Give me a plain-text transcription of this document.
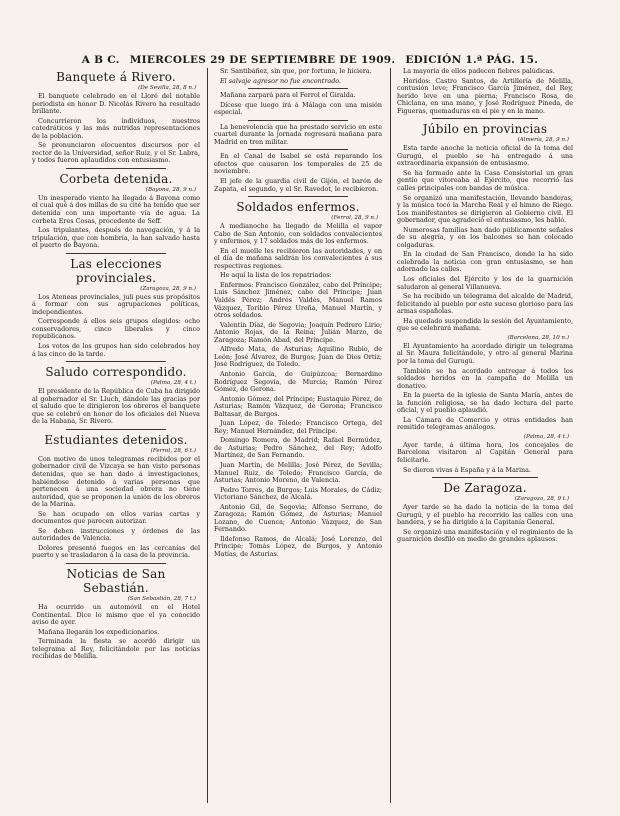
A B C. MIERCOLES 29 DE SEPTIEMBRE DE 1909. EDICIÓN 1.ª PÁG. 15.
Banquete á Rivero.
(De Sevilla, 28, 8 n.)

El banquete celebrado en el Lloré del notable periodista en honor D. Nicolás Rivero ha resultado brillante.

Concurrieron los individuos, nuestros catedráticos y las más nutridas representaciones de la población.

Se pronunciaron elocuentes discursos por el rector de la Universidad, señor Ruiz, y el Sr. Labra, y todos fueron aplaudidos con entusiasmo.

Corbeta detenida.
(Bayona, 28, 9 n.)

Un inesperado viento ha llegado á Bayona como el cual qué á dos millas de su cité ha tenido que ser detenida con una importante vía de agua. La corbeta Eres Cosas, procedente de Seff.

Los tripulantes, después de navegación, y á la tripulación, que con hombría, la han salvado hasta el puerto de Bayona.

Las elecciones provinciales.
(Zaragoza, 28, 9 n.)

Los Ateneas provinciales, juli pues sus propósitos á formar con sus agrupaciones políticas, independientes.

Corresponde á ellos seis grupos elegidos: ocho conservadores, cinco liberales y cinco republicanos.

Los votos de los grupos han sido celebrados hoy á las cinco de la tarde.

Saludo correspondido.
(Palma, 28, 4 t.)

El presidente de la República de Cuba ha dirigido al gobernador el Sr. Lluch, dándole las gracias por el saludo que le dirigieron los obreros el banquete que se celebró en honor de los oficiales del Nueva de la Habana, Sr. Rivero.

Estudiantes detenidos.
(Ferrol, 28, 6 t.)

Con motivo de unos telegramas recibidos por el gobernador civil de Vizcaya se han visto personas detenidas, que se han dado á investigaciones, habiéndose detenido á varias personas que pertenecen á una sociedad obrera no tiene autoridad, que se proponen la unión de los obreros de la Marina.

Se han ocupado en ellos varias cartas y documentos que parecen autorizar.

Se deben instrucciones y órdenes de las autoridades de Valencia.

Dolores presentó fuegos en las cercanías del puerto y se trasladaron á la casa de la provincia.

Noticias de San Sebastián.
(San Sebastián, 28, 7 t.)

Ha ocurrido un automóvil en el Hotel Continental. Dice lo mismo que el ya conocido aviso de ayer.

Mañana llegarán los expedicionarios.

Terminada la fiesta se acordó dirigir un telegrama al Rey, felicitándole por las noticias recibidas de Melilla.

Sr. Santibáñez, sin que, por fortuna, le hiciera.

El salvaje agresor no fue encontrado.

Mañana zarpará para el Ferrol el Giralda.

Dícese que luego irá á Málaga con una misión especial.

La benevolencia que ha prestado servicio en este cuartel durante la jornada regresará mañana para Madrid en tren militar.

En el Canal de Isabel se está reparando los efectos que causaron los temporales de 25 de noviembre.

El jefe de la guardia civil de Gijón, el barón de Zapata, el segundo, y el Sr. Ravedot, le recibieron.

Soldados enfermos.
(Ferrol, 28, 9 n.)

A medianoche ha llegado de Melilla el vapor Cabo de San Antonio, con soldados convalecientes y enfermos, y 17 soldados más de los enfermos.

En el muelle les recibieron las autoridades, y en el día de mañana saldrán los convalecientes á sus respectivas regiones.

He aquí la lista de los repatriados:

Enfermos: Francisco González, cabo del Príncipe; Luis Sánchez Jiménez, cabo del Príncipe; Juan Valdés Pérez; Andrés Valdés, Manuel Ramos Vázquez, Toribio Pérez Ureña, Manuel Martín, y otros soldados.

Valentín Díaz, de Segovia; Joaquín Pedrero Lirio; Antonio Rojas, de la Reina; Julián Marzo, de Zaragoza; Ramón Abad, del Príncipe.

Alfredo Mata, de Asturias; Aquilino Rubio, de León; José Álvarez, de Burgos; Juan de Dios Ortiz; José Rodríguez, de Toledo.

Antonio García, de Guipúzcoa; Bernardino Rodríguez Segovia, de Murcia; Ramón Pérez Gómez, de Gerona.

Antonio Gómez, del Príncipe; Eustaquio Pérez, de Asturias; Ramón Vázquez, de Gerona; Francisco Baltasar, de Burgos.

Juan López, de Toledo; Francisco Ortega, del Rey; Manuel Hernández, del Príncipe.

Domingo Romera, de Madrid; Rafael Bermúdez, de Asturias; Pedro Sánchez, del Rey; Adolfo Martínez, de San Fernando.

Juan Martín, de Melilla; José Pérez, de Sevilla; Manuel Ruiz, de Toledo; Francisco García, de Asturias; Antonio Moreno, de Valencia.

Pedro Torres, de Burgos; Luis Morales, de Cádiz; Victoriano Sánchez, de Alcalá.

Antonio Gil, de Segovia; Alfonso Serrano, de Zaragoza; Ramón Gómez, de Asturias; Manuel Lozano, de Cuenca; Antonio Vázquez, de San Fernando.

Ildefonso Ramos, de Alcalá; José Lorenzo, del Príncipe; Tomás López, de Burgos, y Antonio Matías, de Asturias.

La mayoría de ellos padecen fiebres palúdicas.

Heridos: Castro Santos, de Artillería de Melilla, contusión leve; Francisco García Jiménez, del Rey, herido leve en una pierna; Francisco Rosa, de Chiclana, en una mano, y José Rodríguez Pineda, de Figueras, quemaduras en el pie y en la mano.

Júbilo en provincias
(Almería, 28, 9 n.)

Esta tarde anoche la noticia oficial de la toma del Gurugú, el pueblo se ha entregado á una extraordinaria expansión de entusiasmo.

Se ha formado ante la Casa Consistorial un gran gentío que vitoreaba al Ejército, que recorrió las calles principales con bandas de música.

Se organizó una manifestación, llevando banderas, y la música tocó la Marcha Real y el himno de Riego. Los manifestantes se dirigieron al Gobierno civil. El gobernador, que agradeció el entusiasmo, les habló.

Numerosas familias han dado públicamente señales de su alegría, y en los balcones se han colocado colgaduras.

En la ciudad de San Francisco, donde la ha sido celebrada la noticia con gran entusiasmo, se han adornado las calles.

Los oficiales del Ejército y los de la guarnición saludaron al general Villanueva.

Se ha recibido un telegrama del alcalde de Madrid, felicitando al pueblo por este suceso glorioso para las armas españolas.

Ha quedado suspendida la sesión del Ayuntamiento, que se celebrará mañana.

(Barcelona, 28, 10 n.)

El Ayuntamiento ha acordado dirigir un telegrama al Sr. Maura felicitándole, y otro al general Marina por la toma del Gurugú.

También se ha acordado entregar á todos los soldados heridos en la campaña de Melilla un donativo.

En la puerta de la iglesia de Santa María, antes de la función religiosa, se ha dado lectura del parte oficial, y el pueblo aplaudió.

La Cámara de Comercio y otras entidades han remitido telegramas análogos.

(Palma, 28, 4 t.)

Ayer tarde, á última hora, los concejales de Barcelona visitaron al Capitán General para felicitarle.

Se dieron vivas á España y á la Marina.

De Zaragoza.
(Zaragoza, 28, 9 t.)

Ayer tarde se ha dado la noticia de la toma del Gurugú, y el pueblo ha recorrido las calles con una bandera, y se ha dirigido á la Capitanía General.

Se organizó una manifestación y el regimiento de la guarnición desfiló en medio de grandes aplausos.
